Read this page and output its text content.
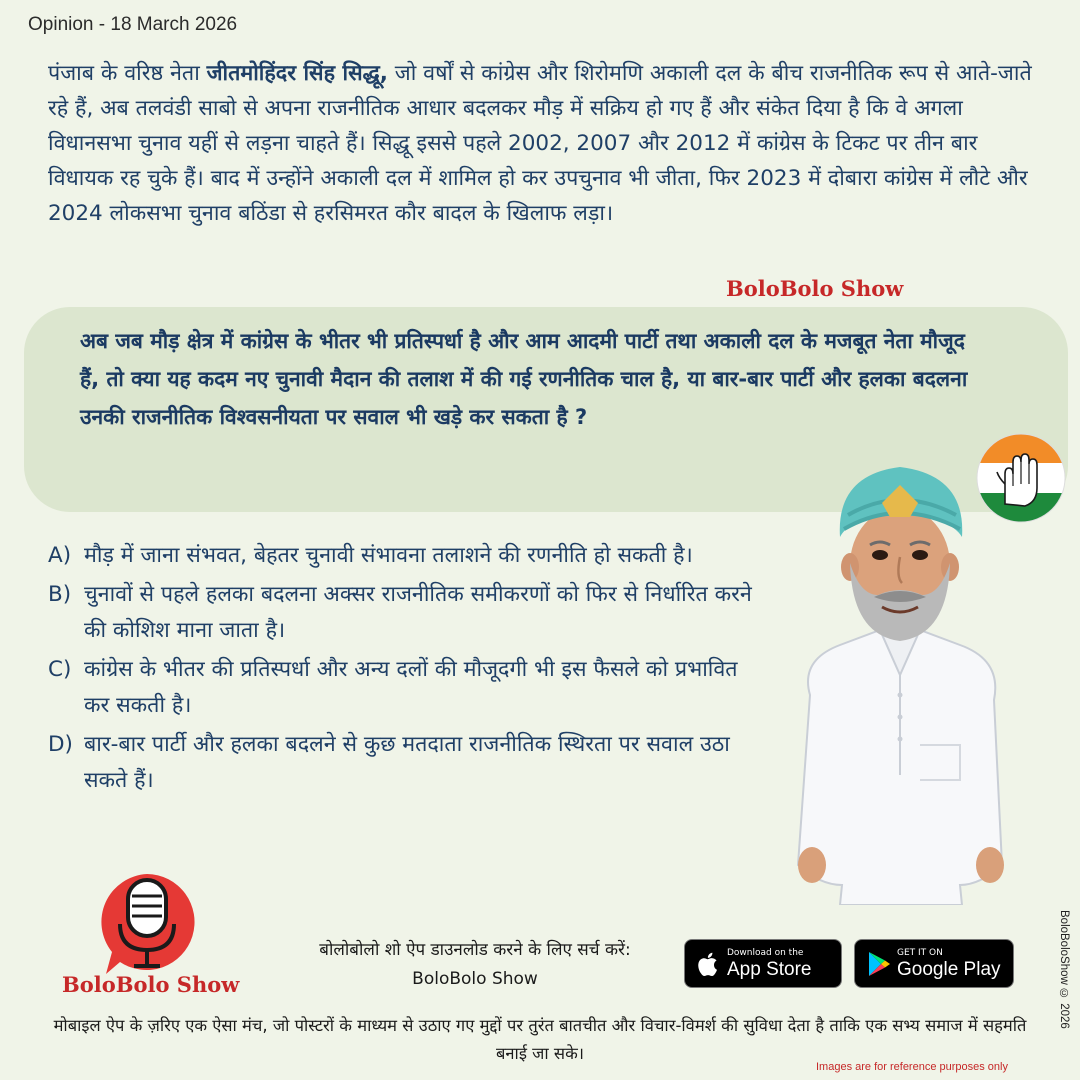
Opinion - 18 March 2026
पंजाब के वरिष्ठ नेता जीतमोहिंदर सिंह सिद्धू, जो वर्षों से कांग्रेस और शिरोमणि अकाली दल के बीच राजनीतिक रूप से आते-जाते रहे हैं, अब तलवंडी साबो से अपना राजनीतिक आधार बदलकर मौड़ में सक्रिय हो गए हैं और संकेत दिया है कि वे अगला विधानसभा चुनाव यहीं से लड़ना चाहते हैं। सिद्धू इससे पहले 2002, 2007 और 2012 में कांग्रेस के टिकट पर तीन बार विधायक रह चुके हैं। बाद में उन्होंने अकाली दल में शामिल हो कर उपचुनाव भी जीता, फिर 2023 में दोबारा कांग्रेस में लौटे और 2024 लोकसभा चुनाव बठिंडा से हरसिमरत कौर बादल के खिलाफ लड़ा।
BoloBolo Show
अब जब मौड़ क्षेत्र में कांग्रेस के भीतर भी प्रतिस्पर्धा है और आम आदमी पार्टी तथा अकाली दल के मजबूत नेता मौजूद हैं, तो क्या यह कदम नए चुनावी मैदान की तलाश में की गई रणनीतिक चाल है, या बार-बार पार्टी और हलका बदलना उनकी राजनीतिक विश्वसनीयता पर सवाल भी खड़े कर सकता है ?
A) मौड़ में जाना संभवत, बेहतर चुनावी संभावना तलाशने की रणनीति हो सकती है।
B) चुनावों से पहले हलका बदलना अक्सर राजनीतिक समीकरणों को फिर से निर्धारित करने की कोशिश माना जाता है।
C) कांग्रेस के भीतर की प्रतिस्पर्धा और अन्य दलों की मौजूदगी भी इस फैसले को प्रभावित कर सकती है।
D) बार-बार पार्टी और हलका बदलने से कुछ मतदाता राजनीतिक स्थिरता पर सवाल उठा सकते हैं।
BoloBolo Show
बोलोबोलो शो ऐप डाउनलोड करने के लिए सर्च करें:
BoloBolo Show
Download on the
App Store
GET IT ON
Google Play
मोबाइल ऐप के ज़रिए एक ऐसा मंच, जो पोस्टरों के माध्यम से उठाए गए मुद्दों पर तुरंत बातचीत और विचार-विमर्श की सुविधा देता है ताकि एक सभ्य समाज में सहमति बनाई जा सके।
BoloBoloShow © 2026
Images are for reference purposes only
